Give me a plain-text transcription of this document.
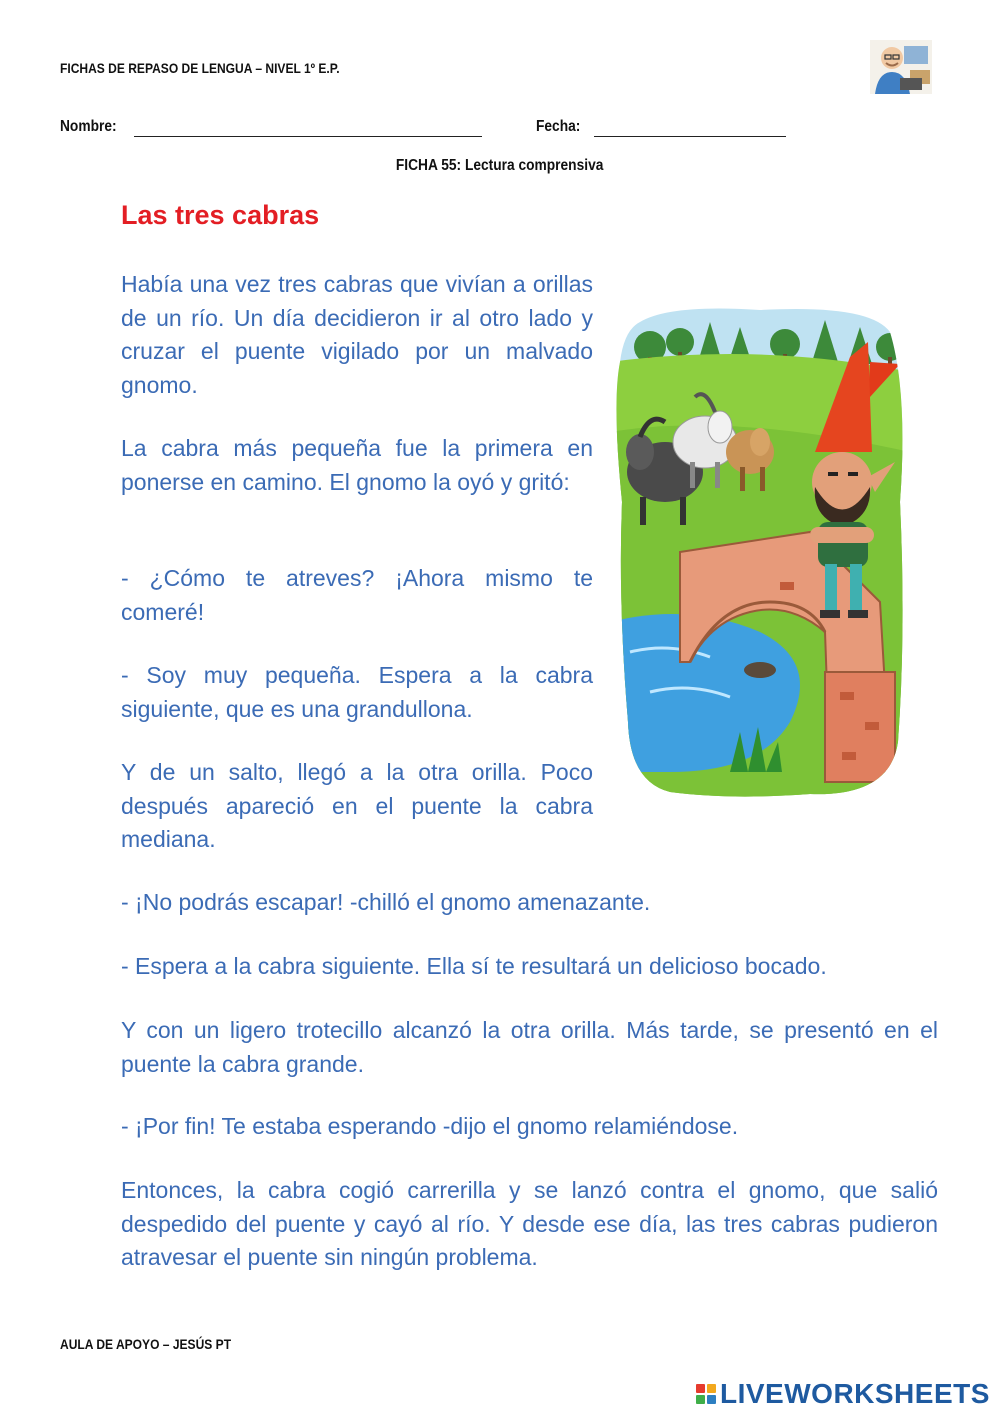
FICHAS DE REPASO DE LENGUA – NIVEL 1º E.P.
Nombre:	Fecha:
FICHA 55: Lectura comprensiva
Las tres cabras

Había una vez tres cabras que vivían a orillas de un río. Un día decidieron ir al otro lado y cruzar el puente vigilado por un malvado gnomo.

La cabra más pequeña fue la primera en ponerse en camino. El gnomo la oyó y gritó:

- ¿Cómo te atreves? ¡Ahora mismo te comeré!

- Soy muy pequeña. Espera a la cabra siguiente, que es una grandullona.

Y de un salto, llegó a la otra orilla. Poco después apareció en el puente la cabra mediana.

- ¡No podrás escapar! -chilló el gnomo amenazante.

- Espera a la cabra siguiente. Ella sí te resultará un delicioso bocado.

Y con un ligero trotecillo alcanzó la otra orilla. Más tarde, se presentó en el puente la cabra grande.

- ¡Por fin! Te estaba esperando -dijo el gnomo relamiéndose.

Entonces, la cabra cogió carrerilla y se lanzó contra el gnomo, que salió despedido del puente y cayó al río. Y desde ese día, las tres cabras pudieron atravesar el puente sin ningún problema.

AULA DE APOYO – JESÚS PT
LIVEWORKSHEETS
